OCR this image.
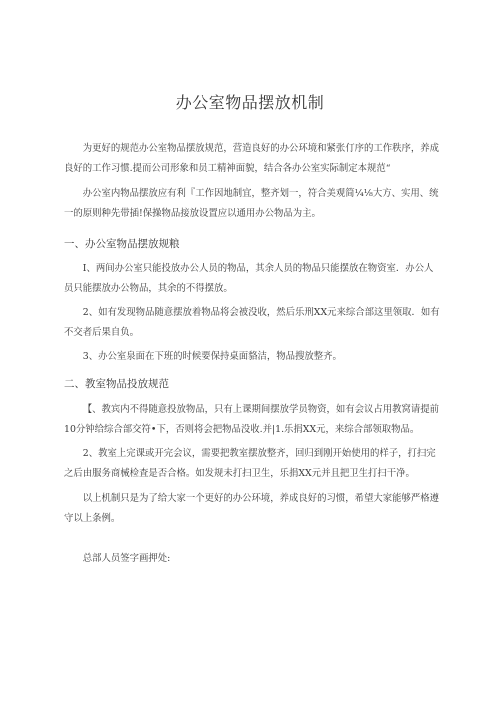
办公室物品摆放机制

为更好的规范办公室物品摆放规范，营造良好的办公环境和紧张仃序的工作秩序，养成良好的工作习惯.提而公司形象和员工精神面貌，结合各办公室实际制定本规范“

办公室内物品摆放应有利『工作因地制宜，整齐划一，符合美观简¼⅛大方、实用、统一的原则种先带插!保操物品接放设置应以通用办公物品为主。

一、办公室物品摆放规粮

I、两间办公室只能投放办公人员的物品，其余人员的物品只能摆放在物资室．办公人员只能摆放办公物品，其余的不得摆放。

2、如有发现物品随意摆放着物品将会被没收，然后乐刑XX元来综合部这里领取．如有不交者后果自负。

3、办公室泉面在下班的时候要保持桌面貉洁，物品搜放整齐。

二、教室物品投放规范

【、教宾内不得随意投放物品，只有上课期间摆放学员物资，如有会议占用教窝请提前10分钟给综合部交符•下，否则将会把物品没收.并|1.乐捐XX元，来综合部领取物品。

2、教室上完课或开完会议，需要把教室摆放整齐，回归到刚开始使用的样子，打扫完之后由服务商械检査是否合格。如发规未打扫卫生，乐捐XX元并且把卫生打扫干净。

以上机制只是为了给大家一个更好的办公环境，养成良好的习惯，希望大家能够严格遵守以上条例。

总部人员签字画押处:
